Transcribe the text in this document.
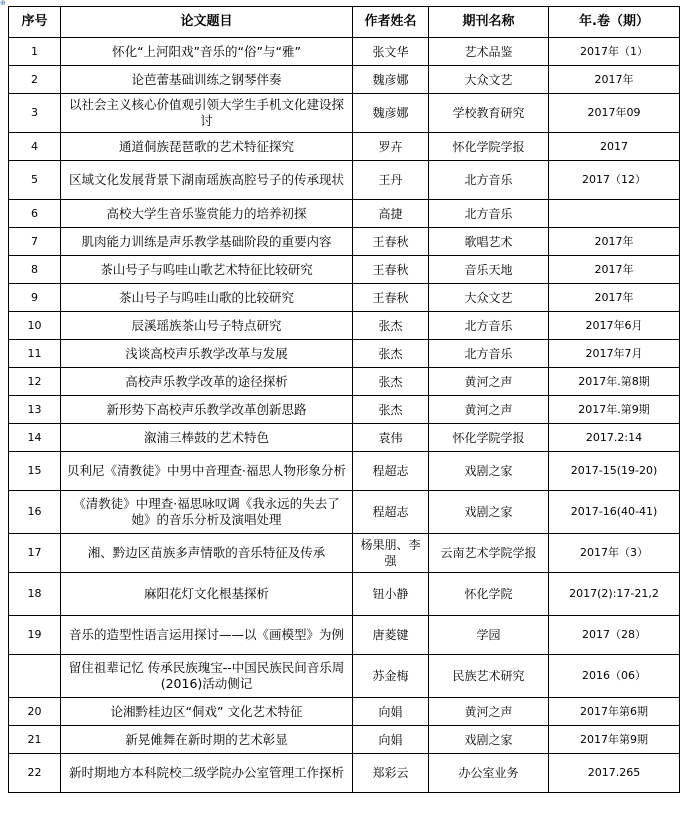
⊕
序号	论文题目	作者姓名	期刊名称	年.卷（期）
1	怀化“上河阳戏”音乐的“俗”与“雅”	张文华	艺术品鉴	2017年（1）
2	论芭蕾基础训练之钢琴伴奏	魏彦娜	大众文艺	2017年
3	以社会主义核心价值观引领大学生手机文化建设探讨	魏彦娜	学校教育研究	2017年09
4	通道侗族琵琶歌的艺术特征探究	罗卉	怀化学院学报	2017
5	区域文化发展背景下湖南瑶族高腔号子的传承现状	王丹	北方音乐	2017（12）
6	高校大学生音乐鉴赏能力的培养初探	高捷	北方音乐	
7	肌肉能力训练是声乐教学基础阶段的重要内容	王春秋	歌唱艺术	2017年
8	茶山号子与呜哇山歌艺术特征比较研究	王春秋	音乐天地	2017年
9	茶山号子与呜哇山歌的比较研究	王春秋	大众文艺	2017年
10	辰溪瑶族茶山号子特点研究	张杰	北方音乐	2017年6月
11	浅谈高校声乐教学改革与发展	张杰	北方音乐	2017年7月
12	高校声乐教学改革的途径探析	张杰	黄河之声	2017年.第8期
13	新形势下高校声乐教学改革创新思路	张杰	黄河之声	2017年.第9期
14	溆浦三棒鼓的艺术特色	袁伟	怀化学院学报	2017.2:14
15	贝利尼《清教徒》中男中音理查·福思人物形象分析	程超志	戏剧之家	2017-15(19-20)
16	《清教徒》中理查·福思咏叹调《我永远的失去了她》的音乐分析及演唱处理	程超志	戏剧之家	2017-16(40-41)
17	湘、黔边区苗族多声情歌的音乐特征及传承	杨果朋、李强	云南艺术学院学报	2017年（3）
18	麻阳花灯文化根基探析	钮小静	怀化学院	2017(2):17-21,2
19	音乐的造型性语言运用探讨——以《画模型》为例	唐菱键	学园	2017（28）
	留住祖辈记忆 传承民族瑰宝--中国民族民间音乐周(2016)活动侧记	苏金梅	民族艺术研究	2016（06）
20	论湘黔桂边区“侗戏” 文化艺术特征	向娟	黄河之声	2017年第6期
21	新晃傩舞在新时期的艺术彰显	向娟	戏剧之家	2017年第9期
22	新时期地方本科院校二级学院办公室管理工作探析	郑彩云	办公室业务	2017.265
